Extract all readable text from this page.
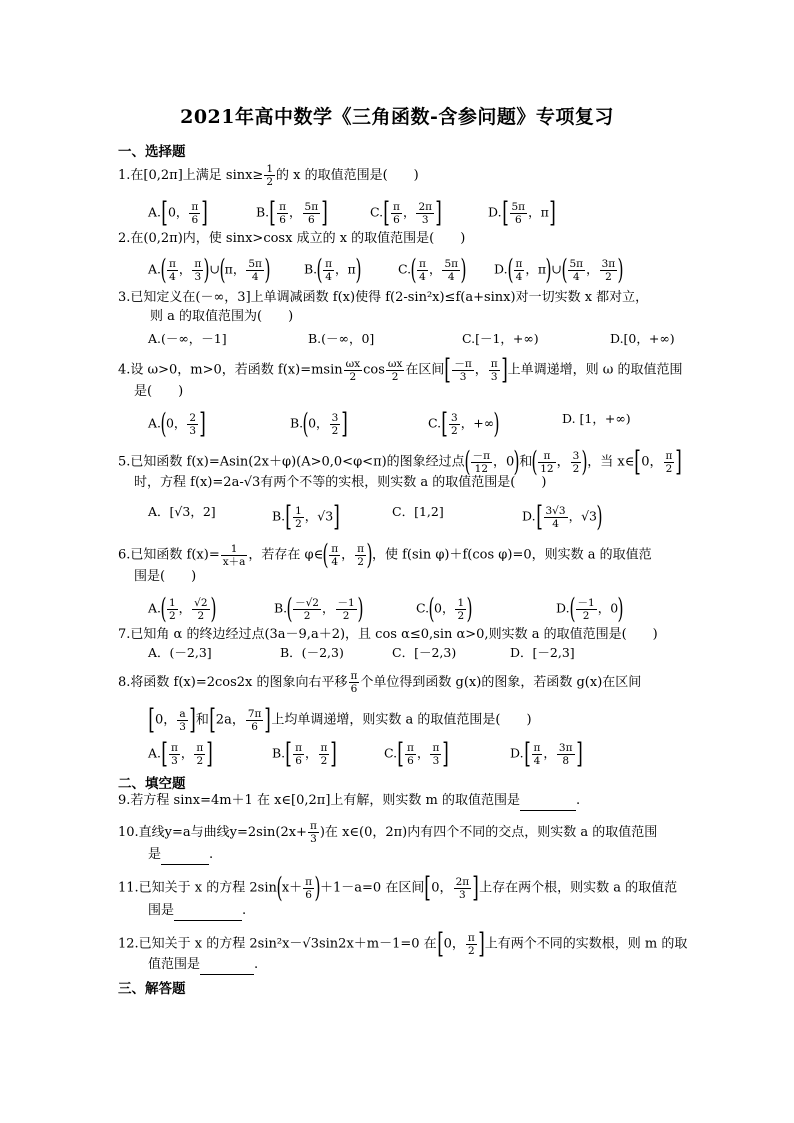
2021年高中数学《三角函数-含参问题》专项复习
一、选择题
1.在[0,2π]上满足 $\sin x\ge \frac{1}{2}$ 的 x 的取值范围是(　　)
A.[0， $\frac{\pi}{6}$ ]	$B.[ \frac{\pi}{6}$ ， $\frac{5\pi}{6}$ ]	$C.[ \frac{\pi}{6}$ ， $\frac{2\pi}{3}$ ]	$D.[ \frac{5\pi}{6}$ ，π]
2.在(0,2π)内，使 sinx>cosx 成立的 x 的取值范围是(　　)
$A.( \frac{\pi}{4}$ ， $\frac{\pi}{3}$ )∪(π， $\frac{5\pi}{4}$ )	$B.( \frac{\pi}{4}$ ，π)	$C.( \frac{\pi}{4}$ ， $\frac{5\pi}{4}$ ) $D.( \frac{\pi}{4}$ ，π)∪( $\frac{5\pi}{4}$ ， $\frac{3\pi}{2}$ )
3.已知定义在(－∞，3]上单调减函数 f(x)使得 f(2-sin²x)≤f(a+sinx)对一切实数 x 都对立，
则 a 的取值范围为(　　)
A.(－∞，－1]	B.(－∞，0]	C.[－1，+∞)	D.[0，+∞)
4.设 ω>0，m>0，若函数 $f(x)=msin \frac{\omega x}{2}$ $\cos \frac{\omega x}{2}$ 在区间[ $\frac{-\pi}{3}$ ， $\frac{\pi}{3}$ ]上单调递增，则 ω 的取值范围
是(　　)
A.(0， $\frac{2}{3}$ ]	B.(0， $\frac{3}{2}$ ]	$C.[ \frac{3}{2}$ ，+∞)	D. [1，+∞)
5.已知函数 f(x)=Asin(2x＋φ)(A>0,0<φ<π)的图象经过点( $\frac{-\pi}{12}$ ，0)和( $\frac{\pi}{12}$ ， $\frac{3}{2}$ )，当 x∈[0， $\frac{\pi}{2}$ ]
时，方程 f(x)=2a-√3有两个不等的实根，则实数 a 的取值范围是(　　)
A．[√3，2]	$B.[ \frac{1}{2}$ ，√3]	C．[1,2]	$D.[ \frac{3√3}{4}$ ，√3)
6.已知函数 $f(x)= \frac{1}{x+a}$ ，若存在 φ∈( $\frac{\pi}{4}$ ， $\frac{\pi}{2}$ )，使 f(sin φ)＋f(cos φ)=0，则实数 a 的取值范
围是(　　)
$A.( \frac{1}{2}$ ， $\frac{√2}{2}$ )	$B.( \frac{-√2}{2}$ ， $\frac{-1}{2}$ )	C.(0， $\frac{1}{2}$ )	$D.( \frac{-1}{2}$ ，0)
7.已知角 α 的终边经过点(3a－9,a＋2)，且 cos α≤0,sin α>0,则实数 a 的取值范围是(　　)
A．(－2,3]	B．(－2,3)	C．[－2,3)	D．[－2,3]
8.将函数 f(x)=2cos2x 的图象向右平移 $\frac{\pi}{6}$ 个单位得到函数 g(x)的图象，若函数 g(x)在区间
[0， $\frac{a}{3}$ ]和[2a， $\frac{7\pi}{6}$ ]上均单调递增，则实数 a 的取值范围是(　　)
$A.[ \frac{\pi}{3}$ ， $\frac{\pi}{2}$ ]	$B.[ \frac{\pi}{6}$ ， $\frac{\pi}{2}$ ]	$C.[ \frac{\pi}{6}$ ， $\frac{\pi}{3}$ ]	$D.[ \frac{\pi}{4}$ ， $\frac{3\pi}{8}$ ]
二、填空题
9.若方程 sinx=4m＋1 在 x∈[0,2π]上有解，则实数 m 的取值范围是	.
10.直线y=a与曲线$y=2\sin(2x+ \frac{\pi}{3}$ )在 x∈(0，2π)内有四个不同的交点，则实数 a 的取值范围
是	.
11.已知关于 x 的方程 $2\sin(x+ \frac{\pi}{6} )+1-a=0$ 在区间[0， $\frac{2\pi}{3}$ ]上存在两个根，则实数 a 的取值范
围是	.
12.已知关于 x 的方程 2sin²x－√3sin2x＋m－1=0 在[0， $\frac{\pi}{2}$ ]上有两个不同的实数根，则 m 的取
值范围是	.
三、解答题
